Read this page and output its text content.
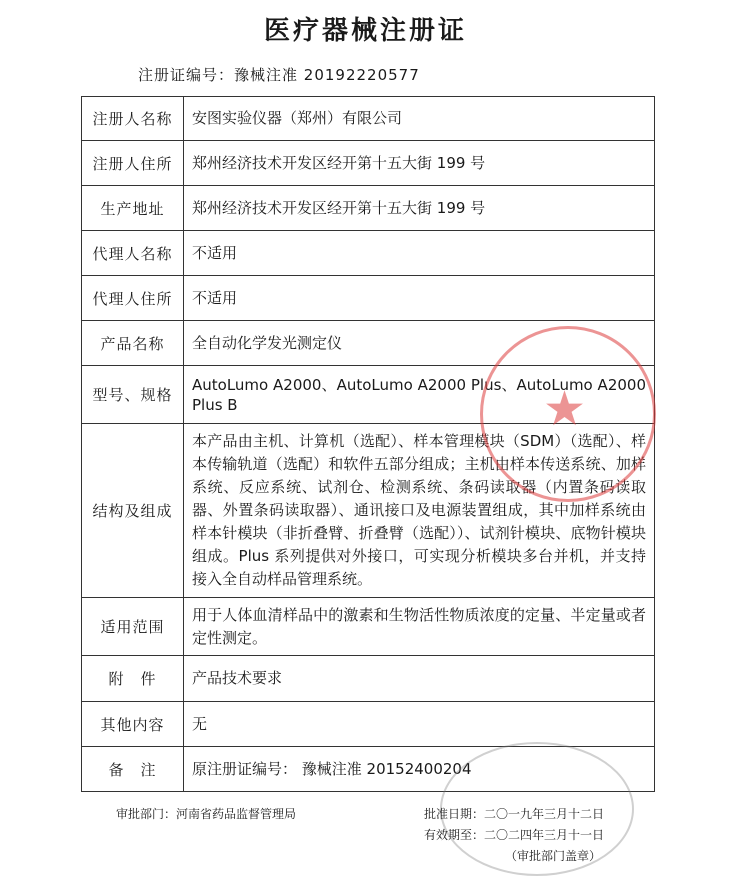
医疗器械注册证
注册证编号：豫械注准 20192220577
注册人名称	安图实验仪器（郑州）有限公司
注册人住所	郑州经济技术开发区经开第十五大街 199 号
生产地址	郑州经济技术开发区经开第十五大街 199 号
代理人名称	不适用
代理人住所	不适用
产品名称	全自动化学发光测定仪
型号、规格	AutoLumo A2000、AutoLumo A2000 Plus、AutoLumo A2000 Plus B
结构及组成	本产品由主机、计算机（选配）、样本管理模块（SDM）（选配）、样本传输轨道（选配）和软件五部分组成；主机由样本传送系统、加样系统、反应系统、试剂仓、检测系统、条码读取器（内置条码读取器、外置条码读取器）、通讯接口及电源装置组成，其中加样系统由样本针模块（非折叠臂、折叠臂（选配））、试剂针模块、底物针模块组成。Plus 系列提供对外接口，可实现分析模块多台并机，并支持接入全自动样品管理系统。
适用范围	用于人体血清样品中的激素和生物活性物质浓度的定量、半定量或者定性测定。
附　件	产品技术要求
其他内容	无
备　注	原注册证编号： 豫械注准 20152400204
★
审批部门：河南省药品监督管理局	批准日期：二〇一九年三月十二日
有效期至：二〇二四年三月十一日
（审批部门盖章）
